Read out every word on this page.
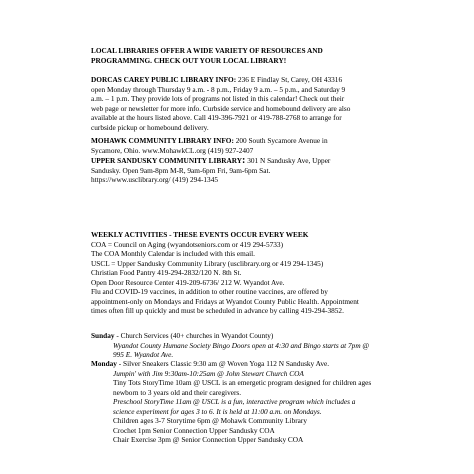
LOCAL LIBRARIES OFFER A WIDE VARIETY OF RESOURCES AND
PROGRAMMING. CHECK OUT YOUR LOCAL LIBRARY!
DORCAS CAREY PUBLIC LIBRARY INFO: 236 E Findlay St, Carey, OH 43316
open Monday through Thursday 9 a.m. - 8 p.m., Friday 9 a.m. – 5 p.m., and Saturday 9
a.m. – 1 p.m. They provide lots of programs not listed in this calendar! Check out their
web page or newsletter for more info. Curbside service and homebound delivery are also
available at the hours listed above. Call 419-396-7921 or 419-788-2768 to arrange for
curbside pickup or homebound delivery.
MOHAWK COMMUNITY LIBRARY INFO: 200 South Sycamore Avenue in
Sycamore, Ohio. www.MohawkCL.org (419) 927-2407
UPPER SANDUSKY COMMUNITY LIBRARY: 301 N Sandusky Ave, Upper
Sandusky. Open 9am-8pm M-R, 9am-6pm Fri, 9am-6pm Sat.
https://www.usclibrary.org/ (419) 294-1345
WEEKLY ACTIVITIES - THESE EVENTS OCCUR EVERY WEEK
COA = Council on Aging (wyandotseniors.com or 419 294-5733)
The COA Monthly Calendar is included with this email.
USCL = Upper Sandusky Community Library (usclibrary.org or 419 294-1345)
Christian Food Pantry 419-294-2832/120 N. 8th St.
Open Door Resource Center 419-209-6736/ 212 W. Wyandot Ave.
Flu and COVID-19 vaccines, in addition to other routine vaccines, are offered by
appointment-only on Mondays and Fridays at Wyandot County Public Health. Appointment
times often fill up quickly and must be scheduled in advance by calling 419-294-3852.
Sunday - Church Services (40+ churches in Wyandot County)
Wyandot County Humane Society Bingo Doors open at 4:30 and Bingo starts at 7pm @
995 E. Wyandot Ave.
Monday - Silver Sneakers Classic 9:30 am @ Woven Yoga 112 N Sandusky Ave.
Jumpin' with Jim 9:30am-10:25am @ John Stewart Church COA
Tiny Tots StoryTime 10am @ USCL is an emergetic program designed for children ages
newborn to 3 years old and their caregivers.
Preschool StoryTime 11am @ USCL is a fun, interactive program which includes a
science experiment for ages 3 to 6. It is held at 11:00 a.m. on Mondays.
Children ages 3-7 Storytime 6pm @ Mohawk Community Library
Crochet 1pm Senior Connection Upper Sandusky COA
Chair Exercise 3pm @ Senior Connection Upper Sandusky COA
